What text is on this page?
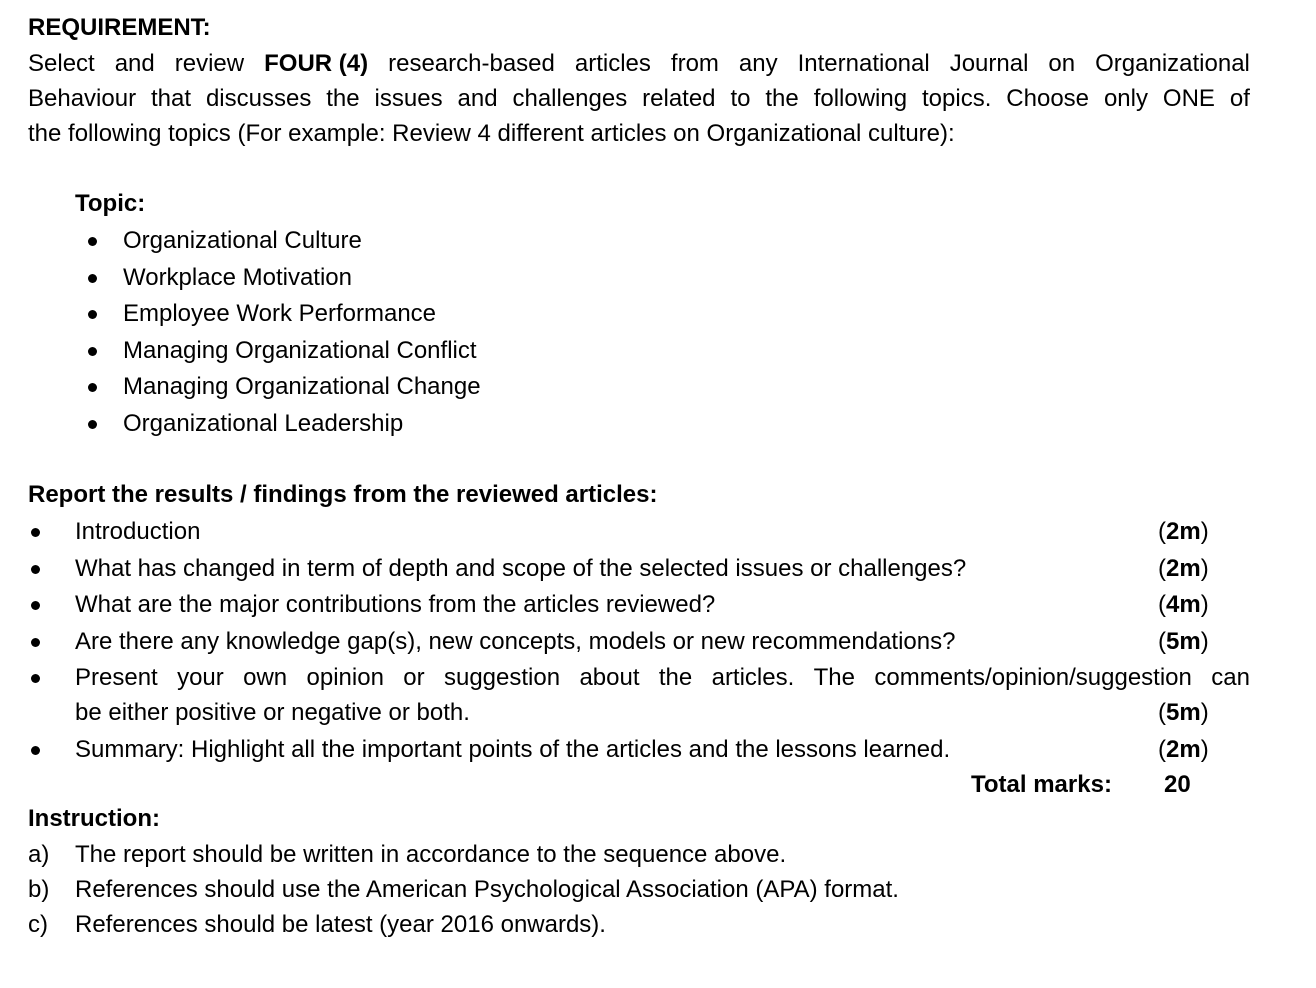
REQUIREMENT:
Select and review FOUR (4) research-based articles from any International Journal on Organizational
Behaviour that discusses the issues and challenges related to the following topics. Choose only ONE of
the following topics (For example: Review 4 different articles on Organizational culture):
Topic:
Organizational Culture
Workplace Motivation
Employee Work Performance
Managing Organizational Conflict
Managing Organizational Change
Organizational Leadership
Report the results / findings from the reviewed articles:
Introduction	(2m)
What has changed in term of depth and scope of the selected issues or challenges?	(2m)
What are the major contributions from the articles reviewed?	(4m)
Are there any knowledge gap(s), new concepts, models or new recommendations?	(5m)
Present your own opinion or suggestion about the articles. The comments/opinion/suggestion can
be either positive or negative or both.	(5m)
Summary: Highlight all the important points of the articles and the lessons learned.	(2m)
Total marks: 20
Instruction:
a) The report should be written in accordance to the sequence above.
b) References should use the American Psychological Association (APA) format.
c) References should be latest (year 2016 onwards).
